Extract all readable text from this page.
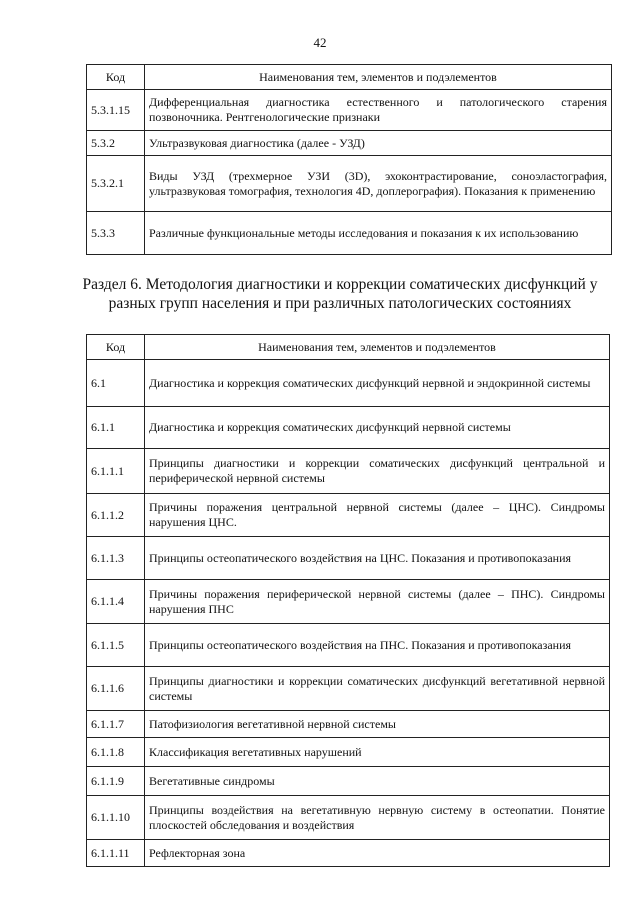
42
Код	Наименования тем, элементов и подэлементов
5.3.1.15	Дифференциальная диагностика естественного и патологического старения позвоночника. Рентгенологические признаки
5.3.2	Ультразвуковая диагностика (далее - УЗД)
5.3.2.1	Виды УЗД (трехмерное УЗИ (3D), эхоконтрастирование, соноэластография, ультразвуковая томография, технология 4D, доплерография). Показания к применению
5.3.3	Различные функциональные методы исследования и показания к их использованию
Раздел 6. Методология диагностики и коррекции соматических дисфункций у разных групп населения и при различных патологических состояниях
Код	Наименования тем, элементов и подэлементов
6.1	Диагностика и коррекция соматических дисфункций нервной и эндокринной системы
6.1.1	Диагностика и коррекция соматических дисфункций нервной системы
6.1.1.1	Принципы диагностики и коррекции соматических дисфункций центральной и периферической нервной системы
6.1.1.2	Причины поражения центральной нервной системы (далее – ЦНС). Синдромы нарушения ЦНС.
6.1.1.3	Принципы остеопатического воздействия на ЦНС. Показания и противопоказания
6.1.1.4	Причины поражения периферической нервной системы (далее – ПНС). Синдромы нарушения ПНС
6.1.1.5	Принципы остеопатического воздействия на ПНС. Показания и противопоказания
6.1.1.6	Принципы диагностики и коррекции соматических дисфункций вегетативной нервной системы
6.1.1.7	Патофизиология вегетативной нервной системы
6.1.1.8	Классификация вегетативных нарушений
6.1.1.9	Вегетативные синдромы
6.1.1.10	Принципы воздействия на вегетативную нервную систему в остеопатии. Понятие плоскостей обследования и воздействия
6.1.1.11	Рефлекторная зона
